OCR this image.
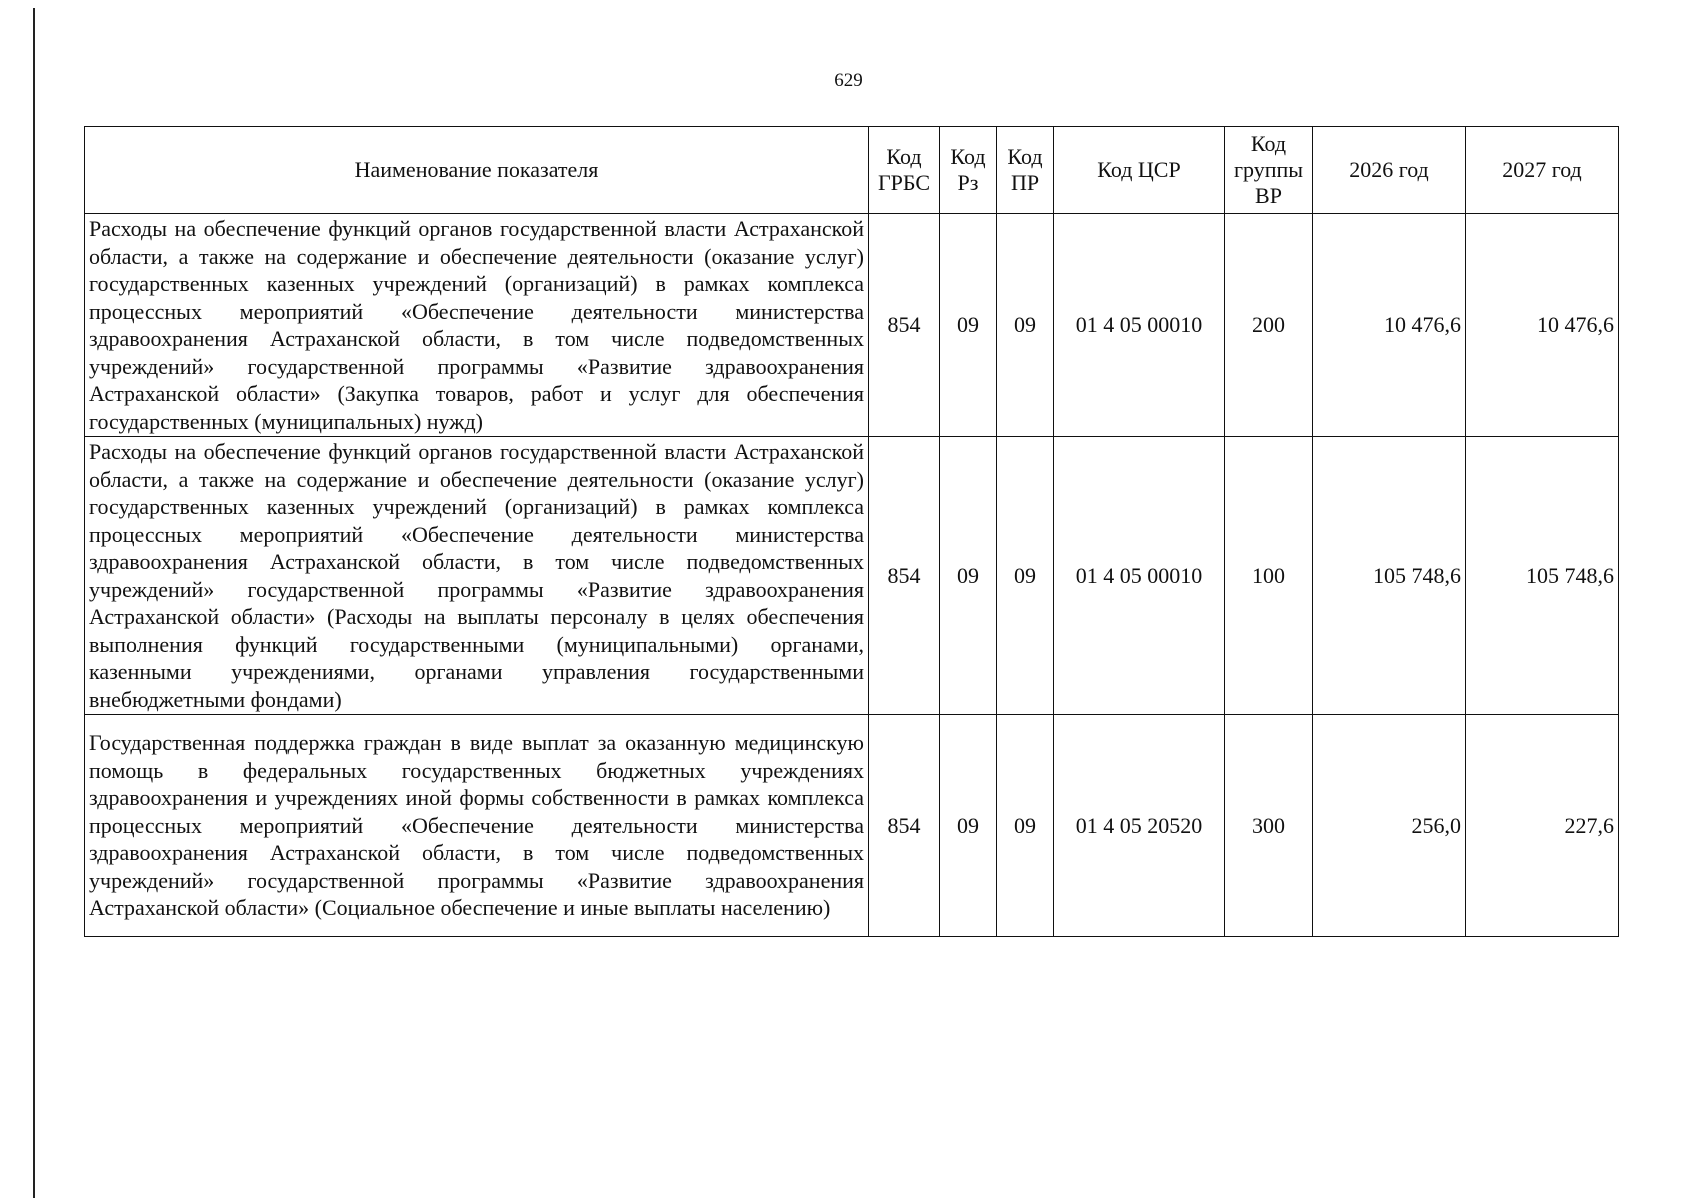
629
Наименование показателя	Код ГРБС	Код Рз	Код ПР	Код ЦСР	Код группы ВР	2026 год	2027 год
Расходы на обеспечение функций органов государственной власти Астраханской области, а также на содержание и обеспечение деятельности (оказание услуг) государственных казенных учреждений (организаций) в рамках комплекса процессных мероприятий «Обеспечение деятельности министерства здравоохранения Астраханской области, в том числе подведомственных учреждений» государственной программы «Развитие здравоохранения Астраханской области» (Закупка товаров, работ и услуг для обеспечения государственных (муниципальных) нужд)	854	09	09	01 4 05 00010	200	10 476,6	10 476,6
Расходы на обеспечение функций органов государственной власти Астраханской области, а также на содержание и обеспечение деятельности (оказание услуг) государственных казенных учреждений (организаций) в рамках комплекса процессных мероприятий «Обеспечение деятельности министерства здравоохранения Астраханской области, в том числе подведомственных учреждений» государственной программы «Развитие здравоохранения Астраханской области» (Расходы на выплаты персоналу в целях обеспечения выполнения функций государственными (муниципальными) органами, казенными учреждениями, органами управления государственными внебюджетными фондами)	854	09	09	01 4 05 00010	100	105 748,6	105 748,6
Государственная поддержка граждан в виде выплат за оказанную медицинскую помощь в федеральных государственных бюджетных учреждениях здравоохранения и учреждениях иной формы собственности в рамках комплекса процессных мероприятий «Обеспечение деятельности министерства здравоохранения Астраханской области, в том числе подведомственных учреждений» государственной программы «Развитие здравоохранения Астраханской области» (Социальное обеспечение и иные выплаты населению)	854	09	09	01 4 05 20520	300	256,0	227,6
